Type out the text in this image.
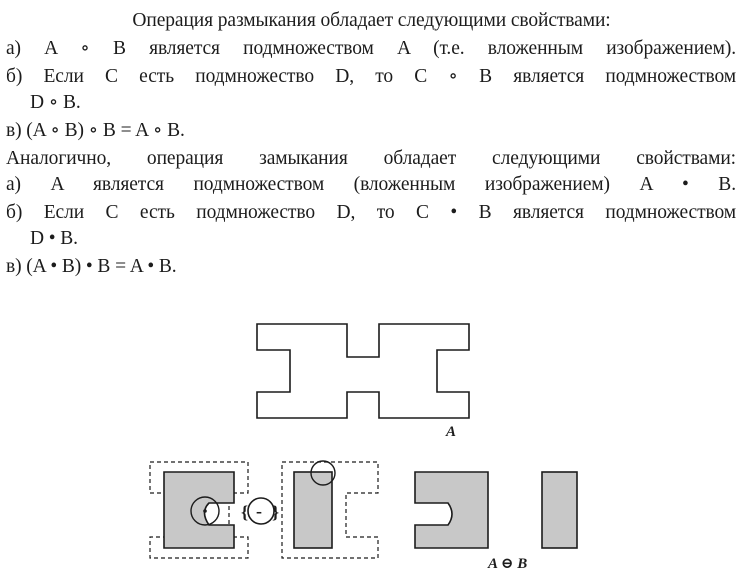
Операция размыкания обладает следующими свойствами:
а) A ∘ B является подмножеством A (т.е. вложенным изображением).
б) Если C есть подмножество D, то C ∘ B является подмножеством
D ∘ B.
в) (A ∘ B) ∘ B = A ∘ B.
Аналогично, операция замыкания обладает следующими свойствами:
а) A является подмножеством (вложенным изображением) A • B.
б) Если C есть подмножество D, то C • B является подмножеством
D • B.
в) (A • B) • B = A • B.
A
-
{ }
A ⊖ B
